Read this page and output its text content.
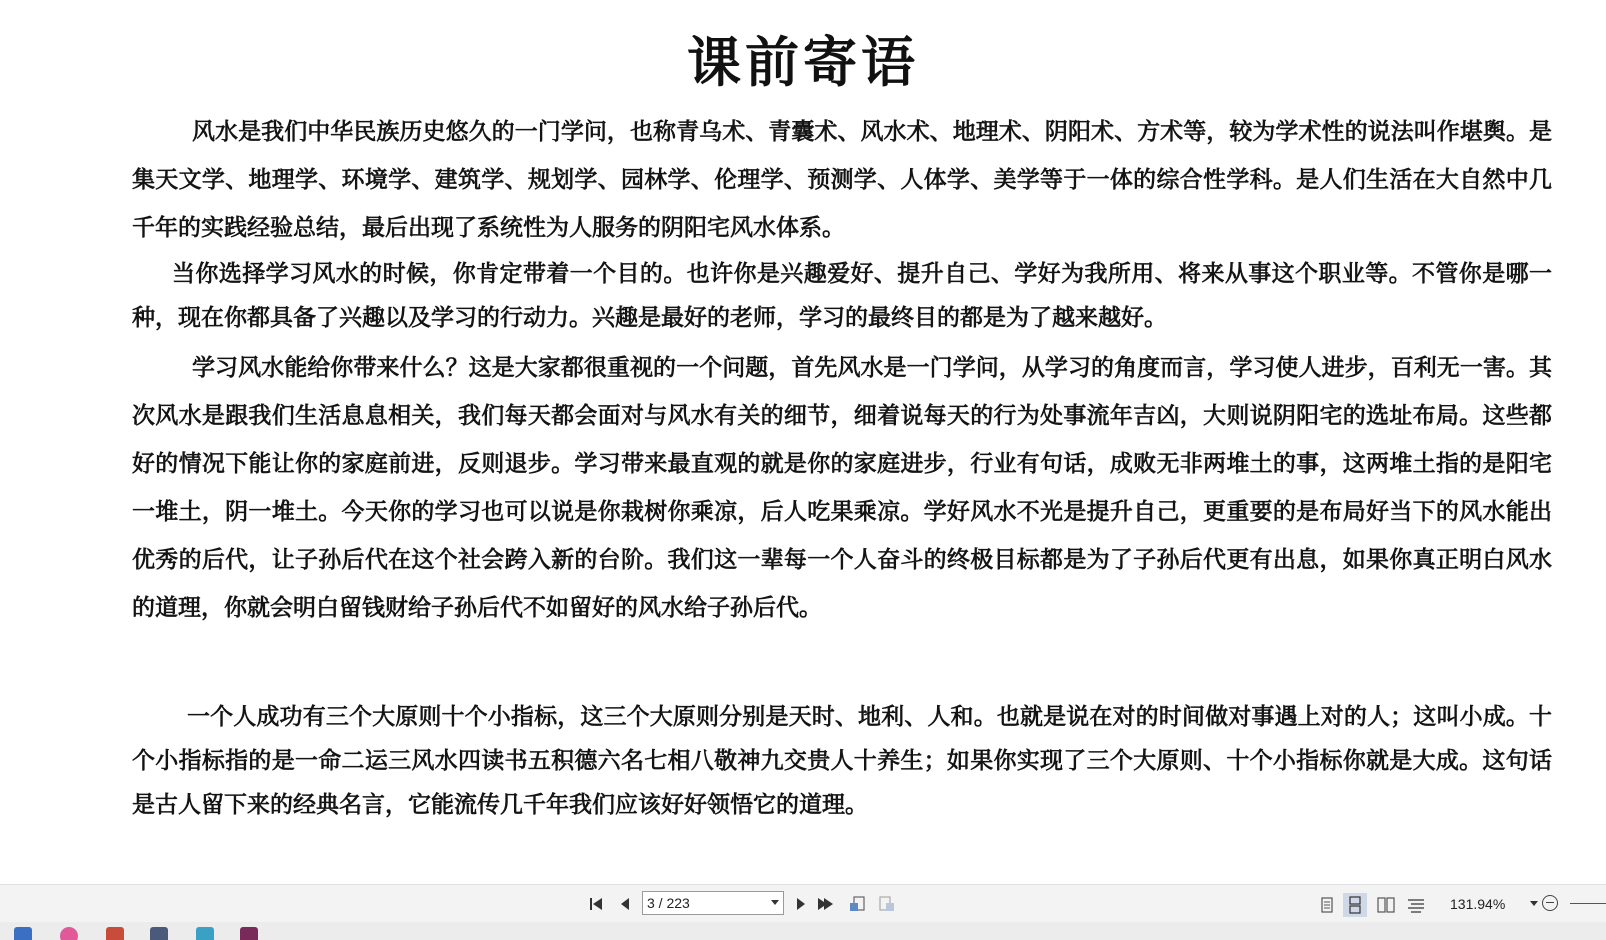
课前寄语

风水是我们中华民族历史悠久的一门学问，也称青乌术、青囊术、风水术、地理术、阴阳术、方术等，较为学术性的说法叫作堪舆。是集天文学、地理学、环境学、建筑学、规划学、园林学、伦理学、预测学、人体学、美学等于一体的综合性学科。是人们生活在大自然中几千年的实践经验总结，最后出现了系统性为人服务的阴阳宅风水体系。

当你选择学习风水的时候，你肯定带着一个目的。也许你是兴趣爱好、提升自己、学好为我所用、将来从事这个职业等。不管你是哪一种，现在你都具备了兴趣以及学习的行动力。兴趣是最好的老师，学习的最终目的都是为了越来越好。

学习风水能给你带来什么？这是大家都很重视的一个问题，首先风水是一门学问，从学习的角度而言，学习使人进步，百利无一害。其次风水是跟我们生活息息相关，我们每天都会面对与风水有关的细节，细着说每天的行为处事流年吉凶，大则说阴阳宅的选址布局。这些都好的情况下能让你的家庭前进，反则退步。学习带来最直观的就是你的家庭进步，行业有句话，成败无非两堆土的事，这两堆土指的是阳宅一堆土，阴一堆土。今天你的学习也可以说是你栽树你乘凉，后人吃果乘凉。学好风水不光是提升自己，更重要的是布局好当下的风水能出优秀的后代，让子孙后代在这个社会跨入新的台阶。我们这一辈每一个人奋斗的终极目标都是为了子孙后代更有出息，如果你真正明白风水的道理，你就会明白留钱财给子孙后代不如留好的风水给子孙后代。

一个人成功有三个大原则十个小指标，这三个大原则分别是天时、地利、人和。也就是说在对的时间做对事遇上对的人；这叫小成。十个小指标指的是一命二运三风水四读书五积德六名七相八敬神九交贵人十养生；如果你实现了三个大原则、十个小指标你就是大成。这句话是古人留下来的经典名言，它能流传几千年我们应该好好领悟它的道理。

3 / 223
131.94%
